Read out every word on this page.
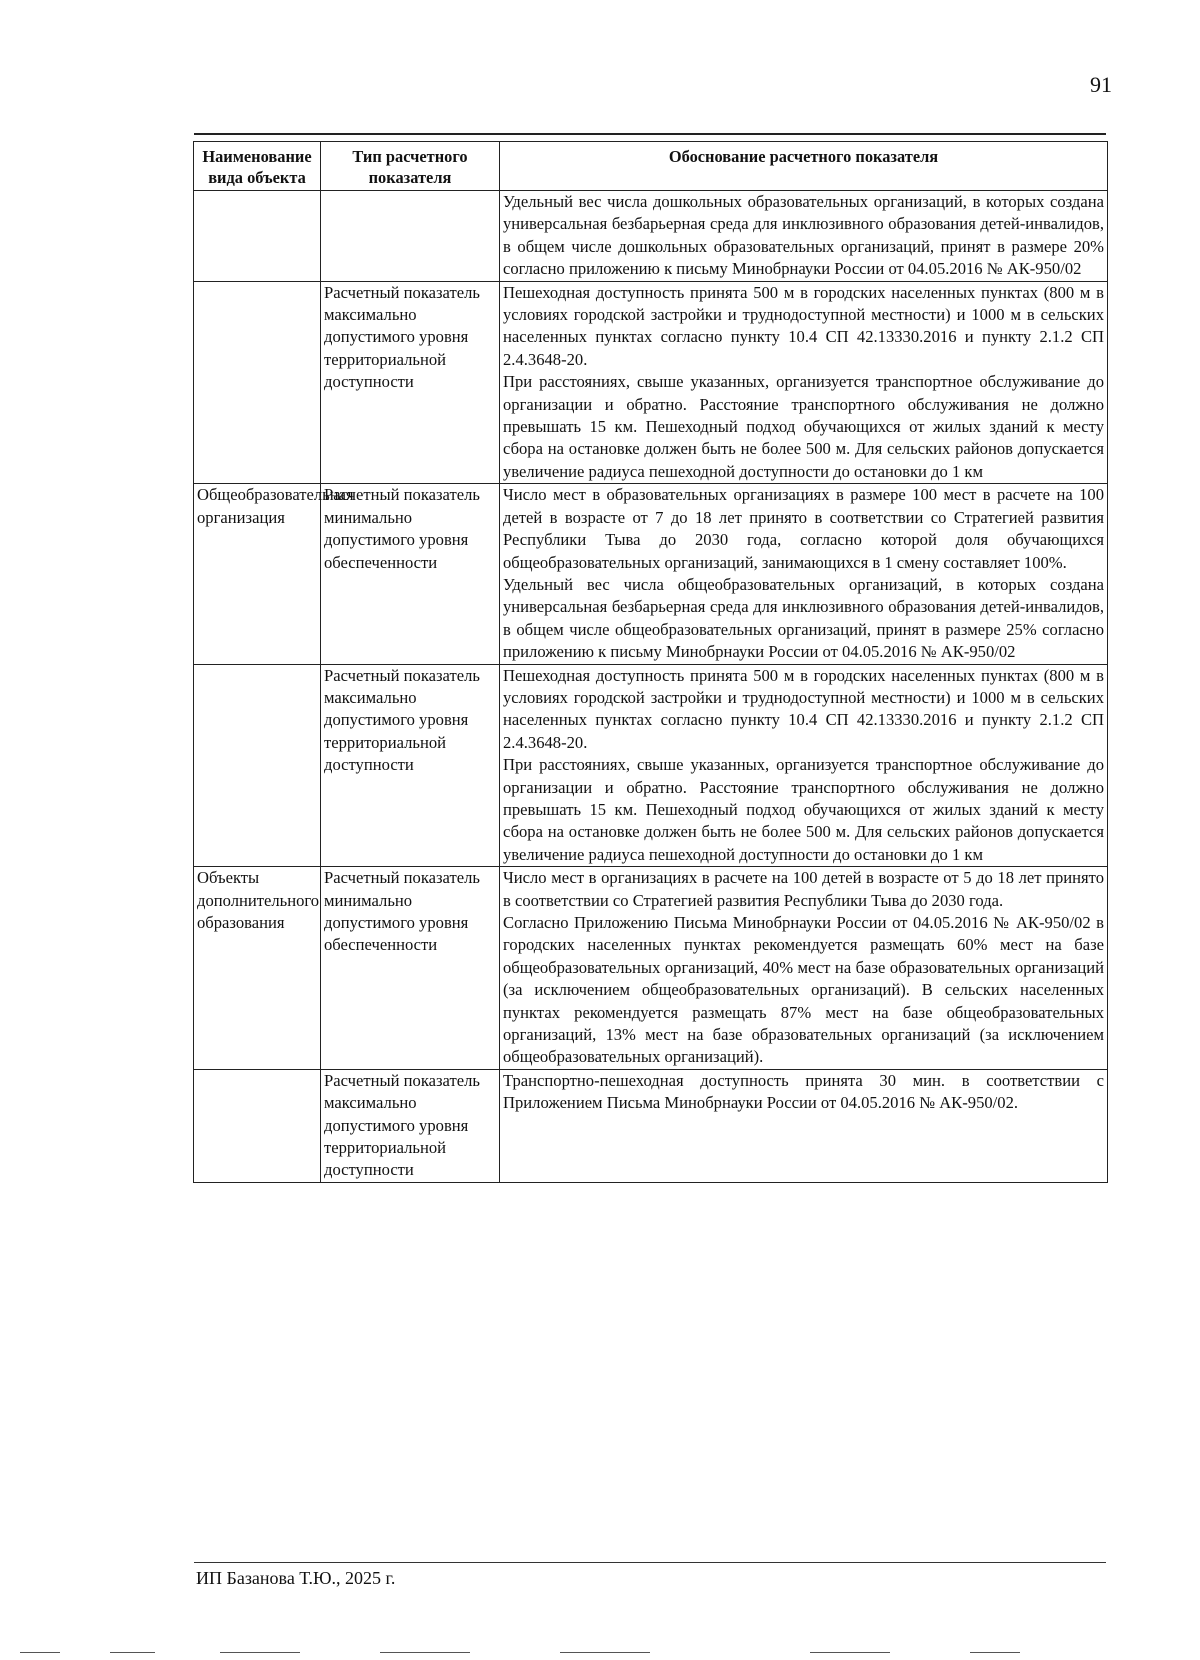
91
Наименование вида объекта	Тип расчетного показателя	Обоснование расчетного показателя

		Удельный вес числа дошкольных образовательных организаций, в которых создана универсальная безбарьерная среда для инклюзивного образования детей-инвалидов, в общем числе дошкольных образовательных организаций, принят в размере 20% согласно приложению к письму Минобрнауки России от 04.05.2016 № АК-950/02

	Расчетный показатель максимально допустимого уровня территориальной доступности	Пешеходная доступность принята 500 м в городских населенных пунктах (800 м в условиях городской застройки и труднодоступной местности) и 1000 м в сельских населенных пунктах согласно пункту 10.4 СП 42.13330.2016 и пункту 2.1.2 СП 2.4.3648-20.

При расстояниях, свыше указанных, организуется транспортное обслуживание до организации и обратно. Расстояние транспортного обслуживания не должно превышать 15 км. Пешеходный подход обучающихся от жилых зданий к месту сбора на остановке должен быть не более 500 м. Для сельских районов допускается увеличение радиуса пешеходной доступности до остановки до 1 км

Общеобразовательная организация	Расчетный показатель минимально допустимого уровня обеспеченности	Число мест в образовательных организациях в размере 100 мест в расчете на 100 детей в возрасте от 7 до 18 лет принято в соответствии со Стратегией развития Республики Тыва до 2030 года, согласно которой доля обучающихся общеобразовательных организаций, занимающихся в 1 смену составляет 100%.

Удельный вес числа общеобразовательных организаций, в которых создана универсальная безбарьерная среда для инклюзивного образования детей-инвалидов, в общем числе общеобразовательных организаций, принят в размере 25% согласно приложению к письму Минобрнауки России от 04.05.2016 № АК-950/02

	Расчетный показатель максимально допустимого уровня территориальной доступности	Пешеходная доступность принята 500 м в городских населенных пунктах (800 м в условиях городской застройки и труднодоступной местности) и 1000 м в сельских населенных пунктах согласно пункту 10.4 СП 42.13330.2016 и пункту 2.1.2 СП 2.4.3648-20.

При расстояниях, свыше указанных, организуется транспортное обслуживание до организации и обратно. Расстояние транспортного обслуживания не должно превышать 15 км. Пешеходный подход обучающихся от жилых зданий к месту сбора на остановке должен быть не более 500 м. Для сельских районов допускается увеличение радиуса пешеходной доступности до остановки до 1 км

Объекты дополнительного образования	Расчетный показатель минимально допустимого уровня обеспеченности	Число мест в организациях в расчете на 100 детей в возрасте от 5 до 18 лет принято в соответствии со Стратегией развития Республики Тыва до 2030 года.

Согласно Приложению Письма Минобрнауки России от 04.05.2016 № АК-950/02 в городских населенных пунктах рекомендуется размещать 60% мест на базе общеобразовательных организаций, 40% мест на базе образовательных организаций (за исключением общеобразовательных организаций). В сельских населенных пунктах рекомендуется размещать 87% мест на базе общеобразовательных организаций, 13% мест на базе образовательных организаций (за исключением общеобразовательных организаций).

	Расчетный показатель максимально допустимого уровня территориальной доступности	Транспортно-пешеходная доступность принята 30 мин. в соответствии с Приложением Письма Минобрнауки России от 04.05.2016 № АК-950/02.

ИП Базанова Т.Ю., 2025 г.
